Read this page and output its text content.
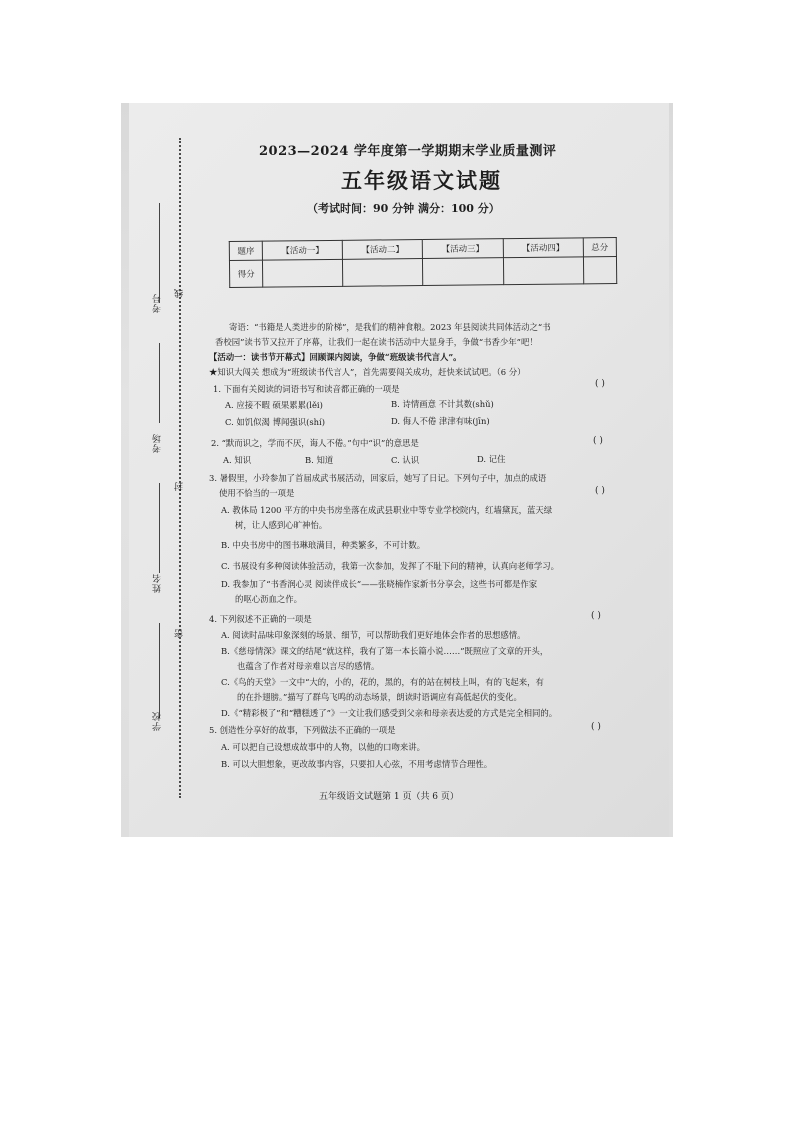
考号 线
考场
封
姓名
密
学校
2023—2024 学年度第一学期期末学业质量测评
五年级语文试题
（考试时间：90 分钟 满分：100 分）
题序	【活动一】	【活动二】	【活动三】	【活动四】	总分
得分					
寄语：“书籍是人类进步的阶梯”，是我们的精神食粮。2023 年县阅读共同体活动之“书
香校园”读书节又拉开了序幕，让我们一起在读书活动中大显身手，争做“书香少年”吧！
【活动一：读书节开幕式】回顾课内阅读，争做“班级读书代言人”。
★知识大闯关 想成为“班级读书代言人”，首先需要闯关成功，赶快来试试吧。（6 分）
1. 下面有关阅读的词语书写和读音都正确的一项是	( )
A. 应接不暇 硕果累累(lěi)	B. 诗情画意 不计其数(shǔ)
C. 如饥似渴 博闻强识(shí)	D. 侮人不倦 津津有味(jīn)
2. “默而识之，学而不厌，诲人不倦。”句中“识”的意思是	( )
A. 知识	B. 知道	C. 认识	D. 记住
3. 暑假里，小玲参加了首届成武书展活动，回家后，她写了日记。下列句子中，加点的成语
使用不恰当的一项是	( )
A. 教体局 1200 平方的中央书房坐落在成武县职业中等专业学校院内，红墙黛瓦，蓝天绿
树，让人感到心旷神怡。
B. 中央书房中的图书琳琅满目，种类繁多，不可计数。
C. 书展设有多种阅读体验活动，我第一次参加，发挥了不耻下问的精神，认真向老师学习。
D. 我参加了“书香润心灵 阅读伴成长”——张晓楠作家新书分享会，这些书可都是作家
的呕心沥血之作。
4. 下列叙述不正确的一项是	( )
A. 阅读时品味印象深刻的场景、细节，可以帮助我们更好地体会作者的思想感情。
B.《慈母情深》课文的结尾“就这样，我有了第一本长篇小说……”既照应了文章的开头，
也蕴含了作者对母亲难以言尽的感情。
C.《鸟的天堂》一文中“大的，小的，花的，黑的，有的站在树枝上叫，有的飞起来，有
的在扑翅膀。”描写了群鸟飞鸣的动态场景，朗读时语调应有高低起伏的变化。
D.《“精彩极了”和“糟糕透了”》一文让我们感受到父亲和母亲表达爱的方式是完全相同的。
5. 创造性分享好的故事，下列做法不正确的一项是	( )
A. 可以把自己设想成故事中的人物，以他的口吻来讲。
B. 可以大胆想象，更改故事内容，只要扣人心弦，不用考虑情节合理性。
五年级语文试题第 1 页（共 6 页）
